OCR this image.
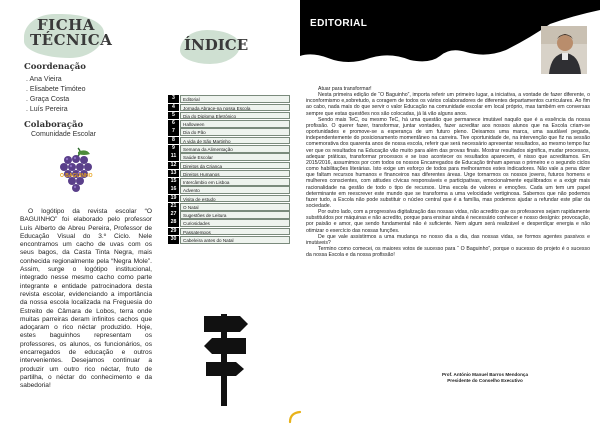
FICHA
TÉCNICA
Coordenação
. Ana Vieira
. Elisabete Timóteo
. Graça Costa
. Luís Pereira
Colaboração
Comunidade Escolar
O BAGUINHO

O logótipo da revista escolar “O BAGUINHO” foi elaborado pelo professor Luís Alberto de Abreu Pereira, Professor de Educação Visual do 3.º Ciclo. Nele encontramos um cacho de uvas com os seus bagos, da Casta Tinta Negra, mais conhecida regionalmente pela “Negra Mole”. Assim, surge o logótipo institucional, integrado nesse mesmo cacho como parte integrante e entidade patrocinadora desta revista escolar, evidenciando a importância da nossa escola localizada na Freguesia do Estreito de Câmara de Lobos, terra onde muitas parreiras deram infinitos cachos que adoçaram o rico néctar produzido. Hoje, estes baguinhos representam os professores, os alunos, os funcionários, os encarregados de educação e outros intervenientes. Desejamos continuar a produzir um outro rico néctar, fruto de partilha, o néctar do conhecimento e da sabedoria!

ÍNDICE
3	Editorial
4	Jornada Abrace-na nossa Escola
5	Dia do Diploma Eletrónico
6	Halloween
7	Dia do Pão
8	A vida de São Martinho
9	Semana da Alimentação
11	Saúde Escolar
12	Direitos da Criança
13	Direitos Humanos
15	Intercâmbio em Lisboa
16	Advento
19	Visita de estudo
21	O Natal
27	Sugestões de Leitura
28	Curiosidades
29	Passatempos
30	Cabeleira antes do Natal
EDITORIAL

Atuar para transformar!

Nesta primeira edição de “O Baguinho”, importa referir um primeiro lugar, a iniciativa, a vontade de fazer diferente, o inconformismo e,sobretudo, a coragem de todos os vários colaboradores de diferentes departamentos curriculares. Ao fim ao cabo, nada mais do que servir o valor Educação na comunidade escolar em local próprio, mas também em conversas sempre que estas questões nos são colocadas, já lá vão alguns anos.

Sendo mais TeC, ou mesmo TeC, há uma questão que permanece imutável naquilo que é a essência da nossa profissão. O querer fazer, transformar, juntar vontades, fazer acreditar aos nossos alunos que na Escola criam-se oportunidades e promove-se a esperança de um futuro pleno. Deixamos uma marca, uma saudável pegada, independentemente do posicionamento momentâneo na carreira. Tive oportunidade de, na intervenção que fiz na sessão comemorativa dos quarenta anos de nossa escola, referir que será necessário apresentar resultados, ao mesmo tempo faz ver que os resultados na Educação vão muito para além das provas finais. Mostrar resultados significa, mudar processos, adequar práticas, transformar processos e se isso acontecer os resultados aparecem, é nisso que acreditamos. Em 2015/2016, assumimos por com todos os nossos Encarregados de Educação tinham apenas o primeiro e o segundo ciclos como habilitações literárias. Isto exige um esforço de todos para melhorarmos estes indicadores. Não vale a pena dizer que faltam recursos humanos e financeiros nas diferentes áreas. Urge tornarmos os nossos jovens, futuros homens e mulheres conscientes, com atitudes cívicas responsáveis e participativas, emocionalmente equilibrados e a exigir mais racionalidade na gestão de todo o tipo de recursos. Uma escola de valores e emoções. Cada um tem um papel determinante em reescrever este mundo que se transforma a uma velocidade vertiginosa. Sabemos que não podemos fazer tudo, a Escola não pode substituir o núcleo central que é a família, mas podemos ajudar a refundar este pilar da sociedade.

Por outro lado, com a progressiva digitalização das nossas vidas, não acredito que os professores sejam rapidamente substituídos por máquinas e não acredito, porque para ensinar ainda é necessário conhecer e nosso desígnio: provocação, por paixão e amor, que sendo fundamental não é suficiente. Nem algum será realizável e desperdiçar energia e não otimizar o exercício das nossas funções.

De que vale assistirmos a uma mudança no nosso dia a dia, das nossas vidas, se formos agentes passivos e imutáveis?

Termino como comecei, os maiores votos de sucesso para “ O Baguinho”, porque o sucesso do projeto é o sucesso da nossa Escola e da nossa profissão!

Prof. António Manuel Barros Mendonça
Presidente do Conselho Executivo
